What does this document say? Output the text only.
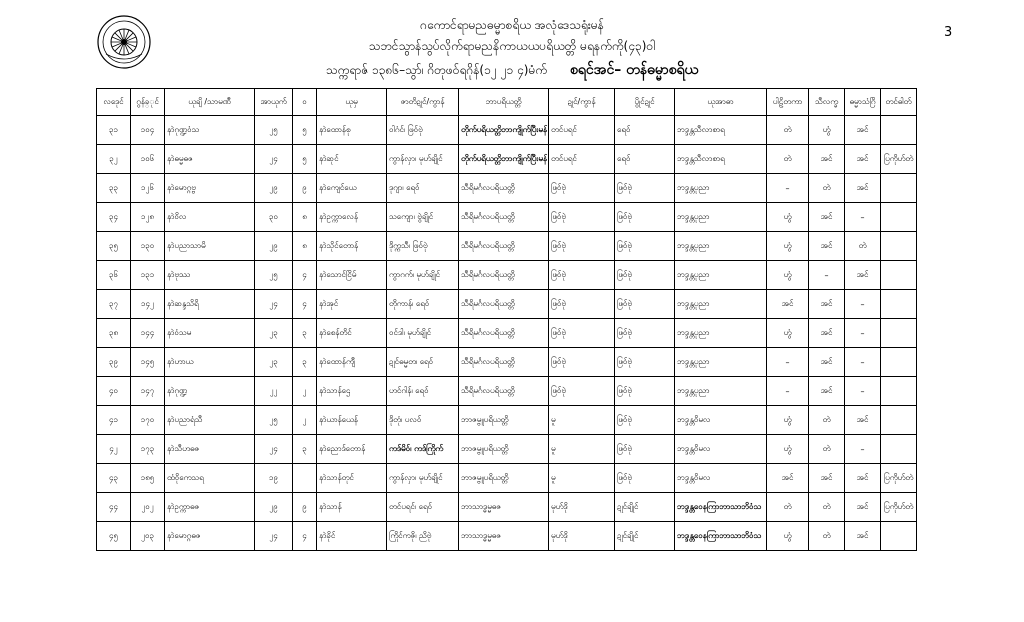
ဂကောင်ရာမညဓမ္မာစရိယ အလုံဒေသရုံးမန်
သဘင်သွာန်သွပ်လိုက်ရာမညနိကာယယပရိယတ္တိ မရနက်ကို(၄၃)ဝါ
သက္ကရာဇ် ၁၃၈၆–သွာ်၊ ဂိတုဖဝ်ရဂိုန်(၁၂ ၂၁ ၄)မံက် စရင်အင်– တန်ဓမ္မာစရိယ
3
လဒေုင်	ဂွန်ခ္ုင်	ယုချိ /သာမဏဳ	အာယုက်	ဝ	ယုမှ	ဇာတိဍုင်/ကွာန်	ဘာပရိယတ္တိ	ဍုင်/ကွာန်	ပွိုင်ဍုင်	ယုအာဓာ	ပါဠိတကာ	သီလက္ခ	ဓမ္မာသံဂြိ	တင်ဓါတ်
၃၁	၁၀၄	နာဲဂုဏ္ဍဝံသ	၂၅	၅	နာဲထောန်စု	ဝါဂံင်၊ ဖြဝ်ဗုဲ	တိုက်ပရိယတ္တိဘာကျိုက်ပြီးမန်	တင်ပရင်	ရေဝ်	ဘဒ္ဒန္တသီလာစာရ	တဲ	ဟွံ	အင်	
၃၂	၁၀၆	နာဲဓမ္မဓဇ	၂၄	၅	နာဲဆုင်	ကွာန်လှာ၊ မုဟ်ချိုင်	တိုက်ပရိယတ္တိဘာကျိုက်ပြီးမန်	တင်ပရင်	ရေဝ်	ဘဒ္ဒန္တသီလာစာရ	တဲ	အင်	အင်	ပြကိုဟ်တဲ
၃၃	၁၂၆	နာဲမောဂ္ဂဗ္ဗ	၂၉	၉	နာဲကျေင်ယေ	ဒုဂျာ၊ ရေဝ်	သီရိမင်္ဂလပရိယတ္တိ	ဖြဝ်ဗုဲ	ဖြဝ်ဗုဲ	ဘဒ္ဒန္တပုညာ	–	တဲ	အင်	
၃၄	၁၂၈	နာဲဝိလ	၃၀	၈	နာဲဥက္ကာလေန်	သကျော၊ ဗွဲချိုင်	သီရိမင်္ဂလပရိယတ္တိ	ဖြဝ်ဗုဲ	ဖြဝ်ဗုဲ	ဘဒ္ဒန္တပုညာ	ဟွံ	အင်	–	
၃၅	၁၃၀	နာဲပညာသာမိ	၂၉	၈	နာဲသိုင်တောန်	ဒိုက္ကသီ၊ ဖြဝ်ဗုဲ	သီရိမင်္ဂလပရိယတ္တိ	ဖြဝ်ဗုဲ	ဖြဝ်ဗုဲ	ဘဒ္ဒန္တပုညာ	ဟွံ	အင်	တဲ	
၃၆	၁၃၁	နာဲဗုဿ	၂၅	၄	နာဲသောင်ငြိမ်	ကွာဂက်၊ မုဟ်ချိုင်	သီရိမင်္ဂလပရိယတ္တိ	ဖြဝ်ဗုဲ	ဖြဝ်ဗုဲ	ဘဒ္ဒန္တပုညာ	ဟွံ	–	အင်	
၃၇	၁၄၂	နာဲဆန္ဒသိရိ	၂၄	၄	နာဲအုင်	တိုကာန်၊ ရေဝ်	သီရိမင်္ဂလပရိယတ္တိ	ဖြဝ်ဗုဲ	ဖြဝ်ဗုဲ	ဘဒ္ဒန္တပုညာ	အင်	အင်	–	
၃၈	၁၄၄	နာဲဝံသမ	၂၃	၃	နာဲစေန်တိင်	ဝင်ဒါ၊ မုဟ်ချိုင်	သီရိမင်္ဂလပရိယတ္တိ	ဖြဝ်ဗုဲ	ဖြဝ်ဗုဲ	ဘဒ္ဒန္တပုညာ	ဟွံ	အင်	–	
၃၉	၁၄၅	နာဲဟာယ	၂၃	၃	နာဲထောန်ကျီ	ဍုင်ဓမ္မတ၊ ရေဝ်	သီရိမင်္ဂလပရိယတ္တိ	ဖြဝ်ဗုဲ	ဖြဝ်ဗုဲ	ဘဒ္ဒန္တပုညာ	–	အင်	–	
၄၀	၁၄၇	နာဲဂုဏ္ဍ	၂၂	၂	နာဲသာန်ဌေ	ဟင်ဂါန်၊ ရေဝ်	သီရိမင်္ဂလပရိယတ္တိ	ဖြဝ်ဗုဲ	ဖြဝ်ဗုဲ	ဘဒ္ဒန္တပုညာ	–	အင်	–	
၄၁	၁၇၀	နာဲပညာရံသီ	၂၅	၂	နာဲယာန်ယေန်	ဒိုတုံ၊ ပလဝ်	ဘာဇမ္ဗူပရိယတ္တိ	မူ	ဖြဝ်ဗုဲ	ဘဒ္ဒန္တဝိမလ	ဟွံ	တဲ	အင်	
၄၂	၁၇၃	နာဲသီဟဓဇ	၂၄	၃	နာဲညောဒ်တောန်	ကဒ်မိဝ်၊ ကဒ်ကြိုက်	ဘာဇမ္ဗူပရိယတ္တိ	မူ	ဖြဝ်ဗုဲ	ဘဒ္ဒန္တဝိမလ	ဟွံ	တဲ	–	
၄၃	၁၈၅	ထံဝိုကေသရ	၁၉		နာဲသာန်တုင်	ကွာန်လှာ၊ မုဟ်ချိုင်	ဘာဇမ္ဗူပရိယတ္တိ	မူ	ဖြဝ်ဗုဲ	ဘဒ္ဒန္တဝိမလ	အင်	အင်	အင်	ပြကိုဟ်တဲ
၄၄	၂၀၂	နာဲဥက္ကာဓဇ	၂၉	၉	နာဲသာန်	တင်ပရင်၊ ရေဝ်	ဘာသာဒ္ဓမ္မဓဇ	မုဟ်ဒို	ဍုင်ချိုင်	ဘဒ္ဒန္တဝေနကြာဘာသာဘိဝံသ	တဲ	တဲ	အင်	ပြကိုဟ်တဲ
၄၅	၂၀၃	နာဲမောဂ္ဂဓဇ	၂၄	၄	နာဲခိုင်	ကြိုင်ကဇို၊ ညိဗုဲ	ဘာသာဒ္ဓမ္မဓဇ	မုဟ်ဒို	ဍုင်ချိုင်	ဘဒ္ဒန္တဝေနကြာဘာသာဘိဝံသ	ဟွံ	တဲ	အင်	
